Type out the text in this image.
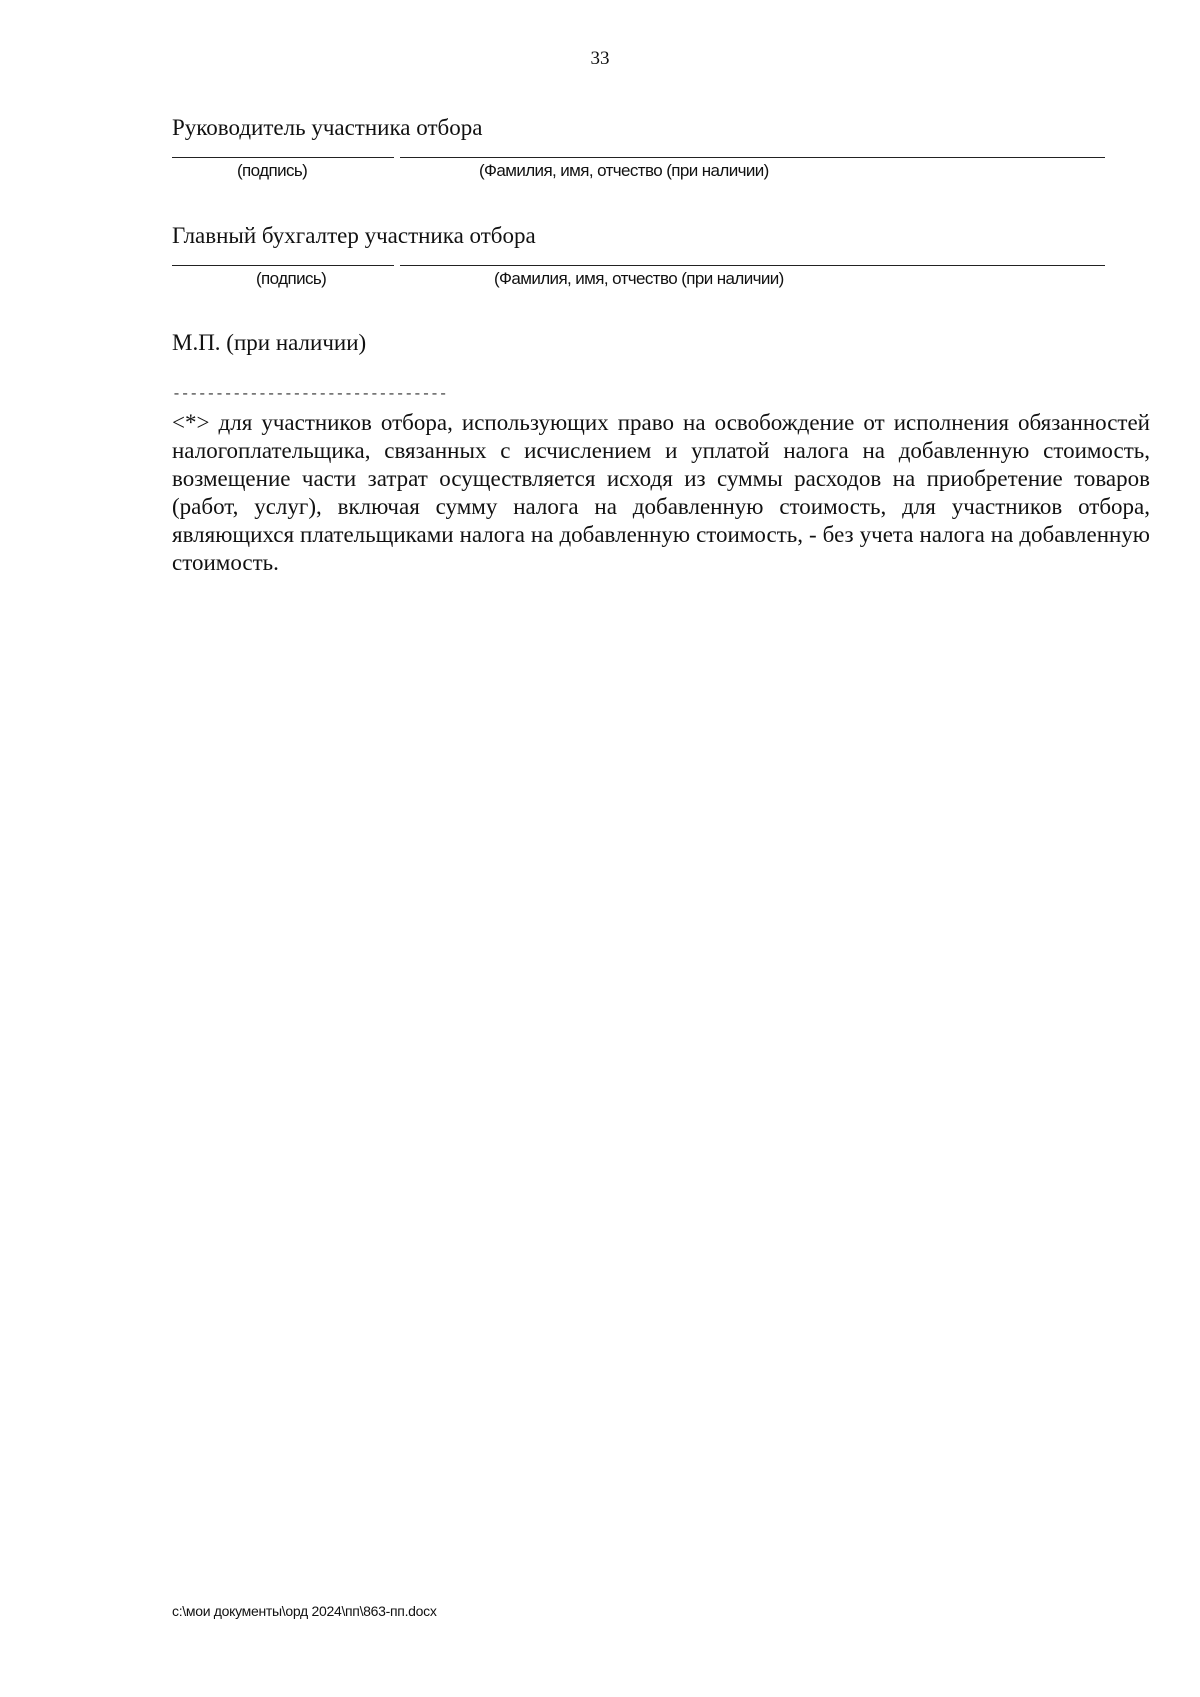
33
Руководитель участника отбора
(подпись)	(Фамилия, имя, отчество (при наличии)
Главный бухгалтер участника отбора
(подпись)	(Фамилия, имя, отчество (при наличии)
М.П. (при наличии)
--------------------------------
<*> для участников отбора, использующих право на освобождение от исполнения обязанностей налогоплательщика, связанных с исчислением и уплатой налога на добавленную стоимость, возмещение части затрат осуществляется исходя из суммы расходов на приобретение товаров (работ, услуг), включая сумму налога на добавленную стоимость, для участников отбора, являющихся плательщиками налога на добавленную стоимость, - без учета налога на добавленную стоимость.
c:\мои документы\орд 2024\пп\863-пп.docx
